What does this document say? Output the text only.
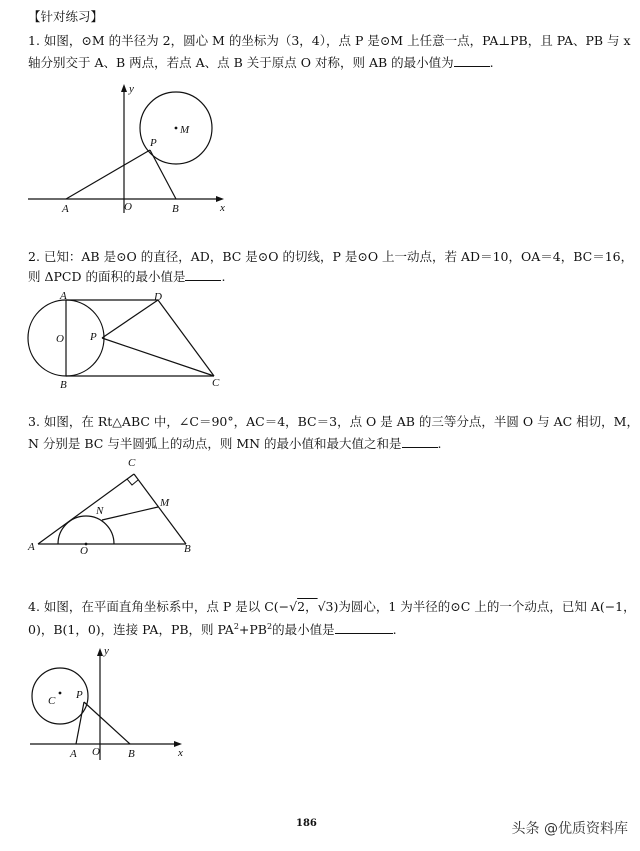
【针对练习】
1. 如图，⊙M 的半径为 2，圆心 M 的坐标为（3，4），点 P 是⊙M 上任意一点，PA⊥PB，且 PA、PB 与 x
轴分别交于 A、B 两点，若点 A、点 B 关于原点 O 对称，则 AB 的最小值为	.
y
x
M
P
A	O	B
2. 已知：AB 是⊙O 的直径，AD，BC 是⊙O 的切线，P 是⊙O 上一动点，若 AD＝10，OA＝4，BC＝16，
则 ΔPCD 的面积的最小值是	.
A	D
O P
B	C
3. 如图，在 Rt△ABC 中，∠C＝90°，AC＝4，BC＝3，点 O 是 AB 的三等分点，半圆 O 与 AC 相切，M，
N 分别是 BC 与半圆弧上的动点，则 MN 的最小值和最大值之和是	.
C
M
N
A	O	B
4. 如图，在平面直角坐标系中，点 P 是以 C(−√2，√3)为圆心，1 为半径的⊙C 上的一个动点，已知 A(−1，
0)，B(1，0)，连接 PA，PB，则 $PA^2+PB^2$的最小值是	.
y
x
C P
A O	B
186	头条 @优质资料库
